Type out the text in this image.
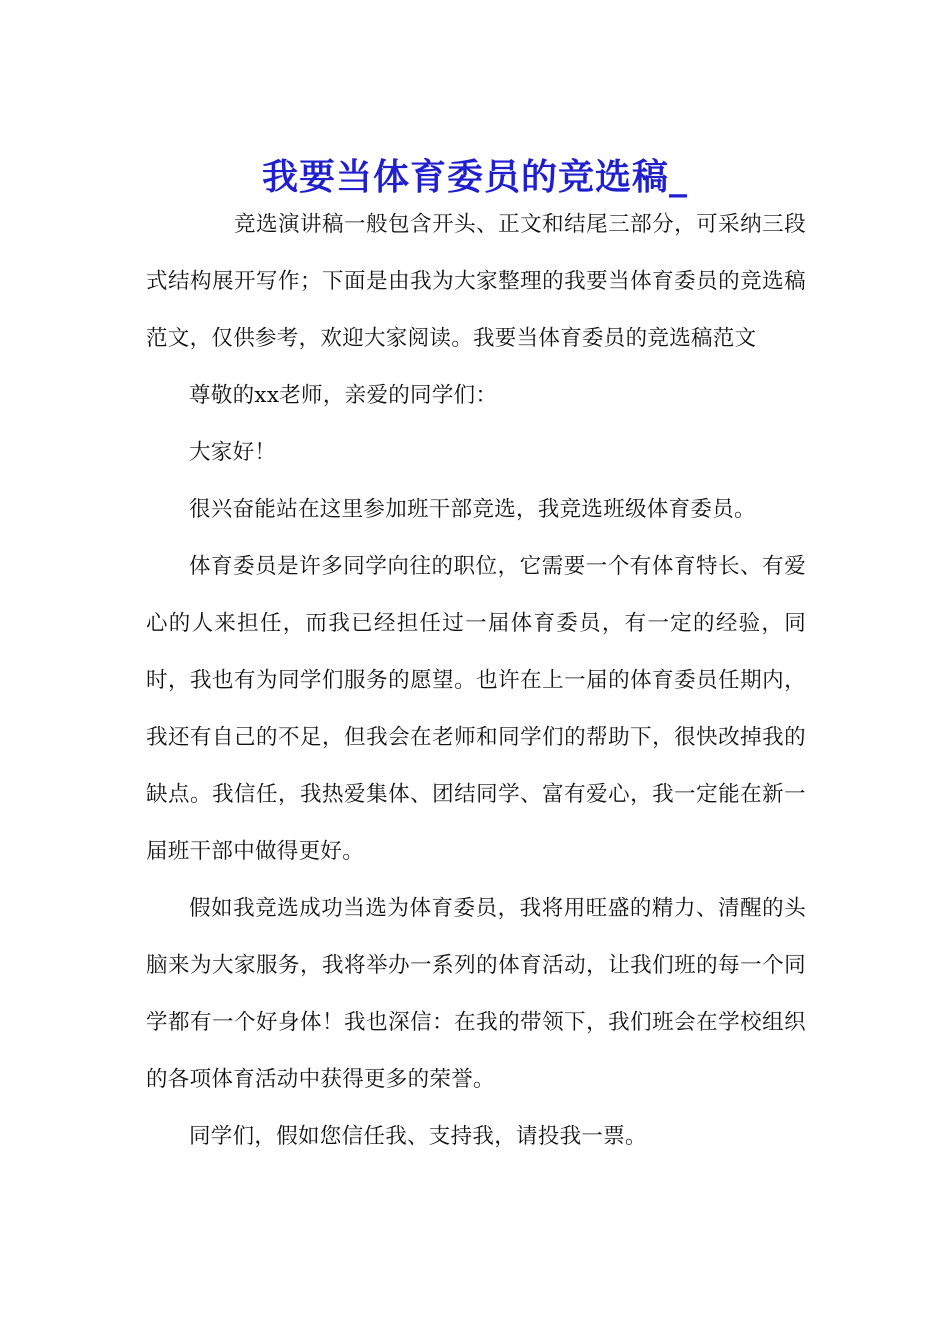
我要当体育委员的竞选稿_

竞选演讲稿一般包含开头、正文和结尾三部分，可采纳三段式结构展开写作；下面是由我为大家整理的我要当体育委员的竞选稿范文，仅供参考，欢迎大家阅读。我要当体育委员的竞选稿范文

尊敬的xx老师，亲爱的同学们：

大家好！

很兴奋能站在这里参加班干部竞选，我竞选班级体育委员。

体育委员是许多同学向往的职位，它需要一个有体育特长、有爱心的人来担任，而我已经担任过一届体育委员，有一定的经验，同时，我也有为同学们服务的愿望。也许在上一届的体育委员任期内，我还有自己的不足，但我会在老师和同学们的帮助下，很快改掉我的缺点。我信任，我热爱集体、团结同学、富有爱心，我一定能在新一届班干部中做得更好。

假如我竞选成功当选为体育委员，我将用旺盛的精力、清醒的头脑来为大家服务，我将举办一系列的体育活动，让我们班的每一个同学都有一个好身体！我也深信：在我的带领下，我们班会在学校组织的各项体育活动中获得更多的荣誉。

同学们，假如您信任我、支持我，请投我一票。
